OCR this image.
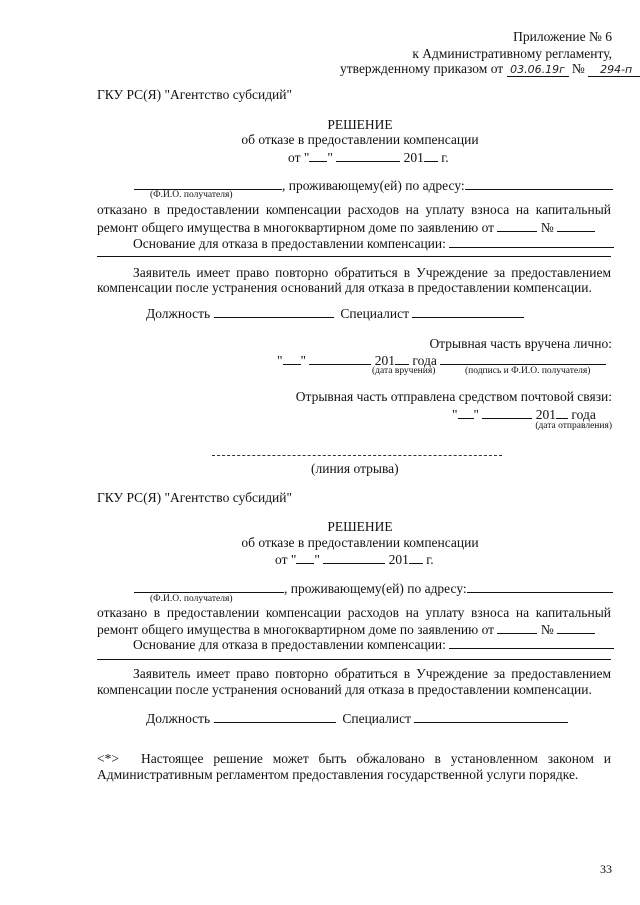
Приложение № 6
к Административному регламенту,
утвержденному приказом от 03.06.19г № 294-п
ГКУ РС(Я) "Агентство субсидий"
РЕШЕНИЕ
об отказе в предоставлении компенсации
от " "	201 г.
, проживающему(ей) по адресу:
(Ф.И.О. получателя)
отказано в предоставлении компенсации расходов на уплату взноса на капитальный
ремонт общего имущества в многоквартирном доме по заявлению от	№
Основание для отказа в предоставлении компенсации:
Заявитель имеет право повторно обратиться в Учреждение за предоставлением
компенсации после устранения оснований для отказа в предоставлении компенсации.
Должность	Специалист
Отрывная часть вручена лично:
" "	201 года
(дата вручения)	(подпись и Ф.И.О. получателя)
Отрывная часть отправлена средством почтовой связи:
" "	201 года
(дата отправления)
(линия отрыва)
ГКУ РС(Я) "Агентство субсидий"
РЕШЕНИЕ
об отказе в предоставлении компенсации
от " "	201 г.
, проживающему(ей) по адресу:
(Ф.И.О. получателя)
отказано в предоставлении компенсации расходов на уплату взноса на капитальный
ремонт общего имущества в многоквартирном доме по заявлению от	№
Основание для отказа в предоставлении компенсации:
Заявитель имеет право повторно обратиться в Учреждение за предоставлением
компенсации после устранения оснований для отказа в предоставлении компенсации.
Должность	Специалист
<*> Настоящее решение может быть обжаловано в установленном законом и
Административным регламентом предоставления государственной услуги порядке.
33
